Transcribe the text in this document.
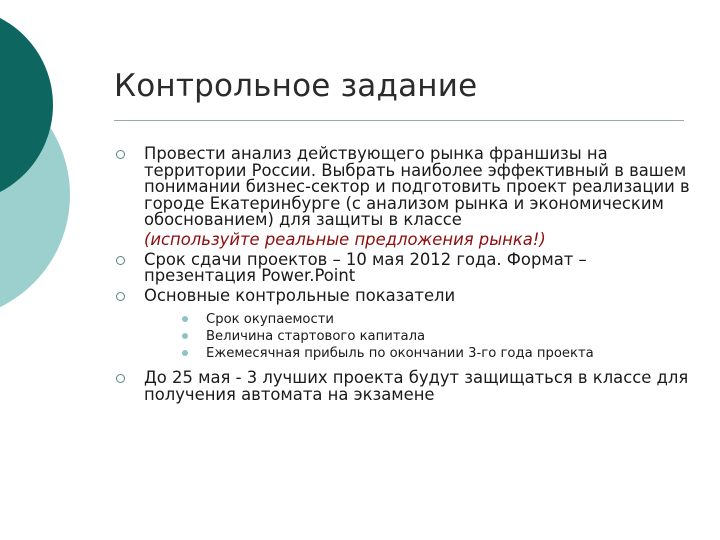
Контрольное задание
Провести анализ действующего рынка франшизы на территории России. Выбрать наиболее эффективный в вашем понимании бизнес-сектор и подготовить проект реализации в городе Екатеринбурге (с анализом рынка и экономическим обоснованием) для защиты в классе
(используйте реальные предложения рынка!)
Срок сдачи проектов – 10 мая 2012 года. Формат – презентация Power.Point
Основные контрольные показатели
Срок окупаемости
Величина стартового капитала
Ежемесячная прибыль по окончании 3-го года проекта
До 25 мая - 3 лучших проекта будут защищаться в классе для получения автомата на экзамене
